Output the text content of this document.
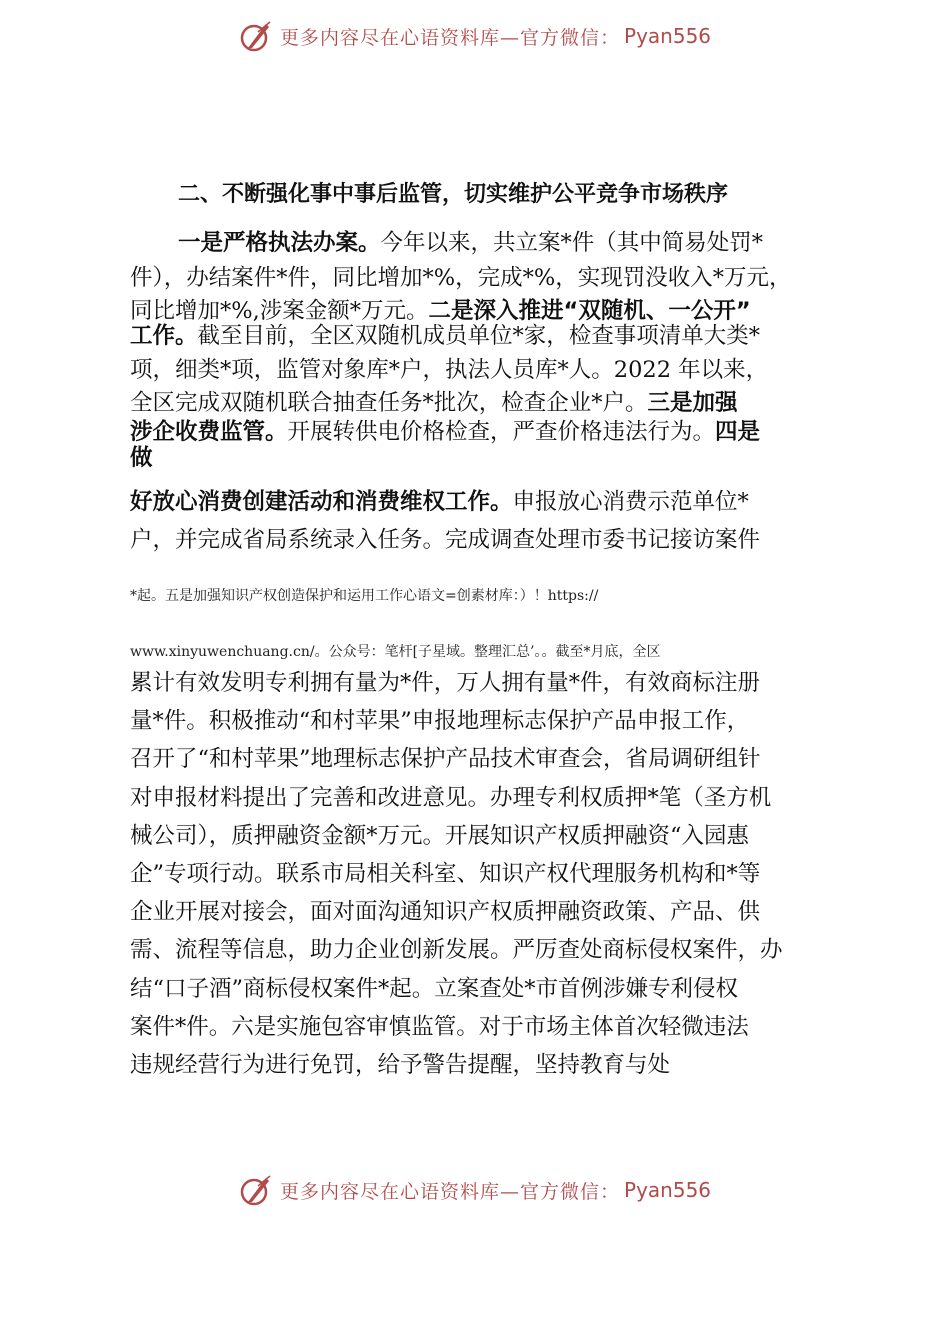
更多内容尽在心语资料库—官方微信： Pyan556
二、不断强化事中事后监管，切实维护公平竞争市场秩序
一是严格执法办案。今年以来，共立案*件（其中简易处罚*
件），办结案件*件，同比增加*%，完成*%，实现罚没收入*万元，
同比增加*%,涉案金额*万元。二是深入推进“双随机、一公开”
工作。截至目前，全区双随机成员单位*家，检查事项清单大类*
项，细类*项，监管对象库*户，执法人员库*人。2022 年以来，
全区完成双随机联合抽查任务*批次，检查企业*户。三是加强
涉企收费监管。开展转供电价格检查，严查价格违法行为。四是
做
好放心消费创建活动和消费维权工作。申报放心消费示范单位*
户，并完成省局系统录入任务。完成调查处理市委书记接访案件
*起。五是加强知识产权创造保护和运用工作心语文=创素材库：）！https://
www.xinyuwenchuang.cn/。公众号：笔杆[子星域。整理汇总’。。截至*月底，全区
累计有效发明专利拥有量为*件，万人拥有量*件，有效商标注册
量*件。积极推动“和村苹果”申报地理标志保护产品申报工作，
召开了“和村苹果”地理标志保护产品技术审查会，省局调研组针
对申报材料提出了完善和改进意见。办理专利权质押*笔（圣方机
械公司），质押融资金额*万元。开展知识产权质押融资“入园惠
企”专项行动。联系市局相关科室、知识产权代理服务机构和*等
企业开展对接会，面对面沟通知识产权质押融资政策、产品、供
需、流程等信息，助力企业创新发展。严厉查处商标侵权案件，办
结“口子酒”商标侵权案件*起。立案查处*市首例涉嫌专利侵权
案件*件。六是实施包容审慎监管。对于市场主体首次轻微违法
违规经营行为进行免罚，给予警告提醒，坚持教育与处
更多内容尽在心语资料库—官方微信： Pyan556
